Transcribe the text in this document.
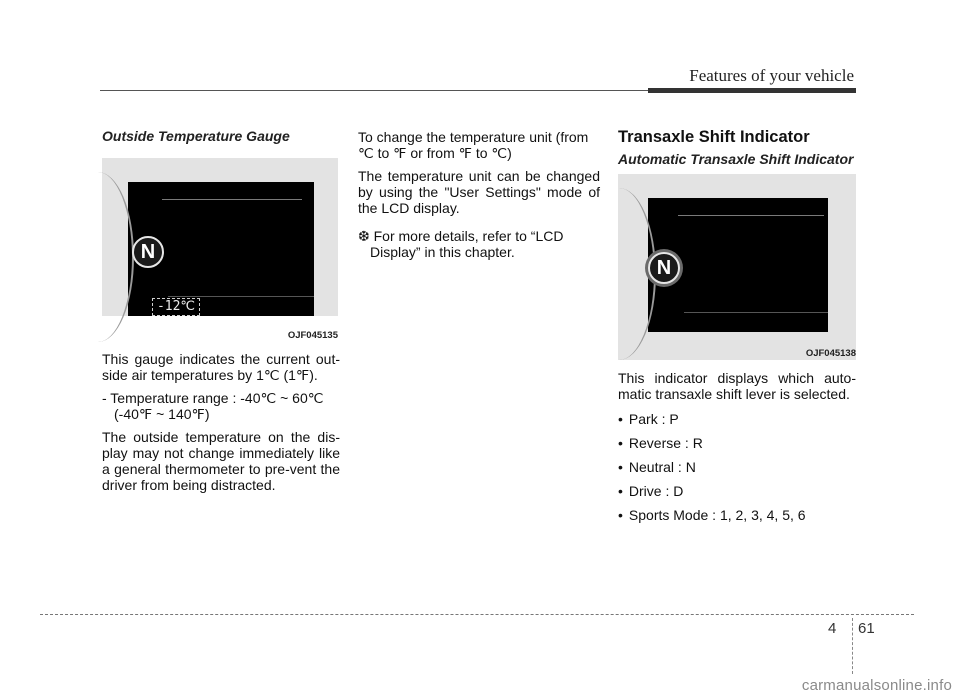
Features of your vehicle
Outside Temperature Gauge
N
-12℃
OJF045135

This gauge indicates the current out-side air temperatures by 1℃ (1℉).

- Temperature range : -40℃ ~ 60℃

(-40℉ ~ 140℉)

The outside temperature on the dis-play may not change immediately like a general thermometer to pre-vent the driver from being distracted.

To change the temperature unit (from ℃ to ℉ or from ℉ to ℃)

The temperature unit can be changed by using the "User Settings" mode of the LCD display.

❆ For more details, refer to “LCD Display” in this chapter.

Transaxle Shift Indicator
Automatic Transaxle Shift Indicator
N
OJF045138

This indicator displays which auto-matic transaxle shift lever is selected.

• Park : P
• Reverse : R
• Neutral : N
• Drive : D
• Sports Mode : 1, 2, 3, 4, 5, 6
4 61
carmanualsonline.info
